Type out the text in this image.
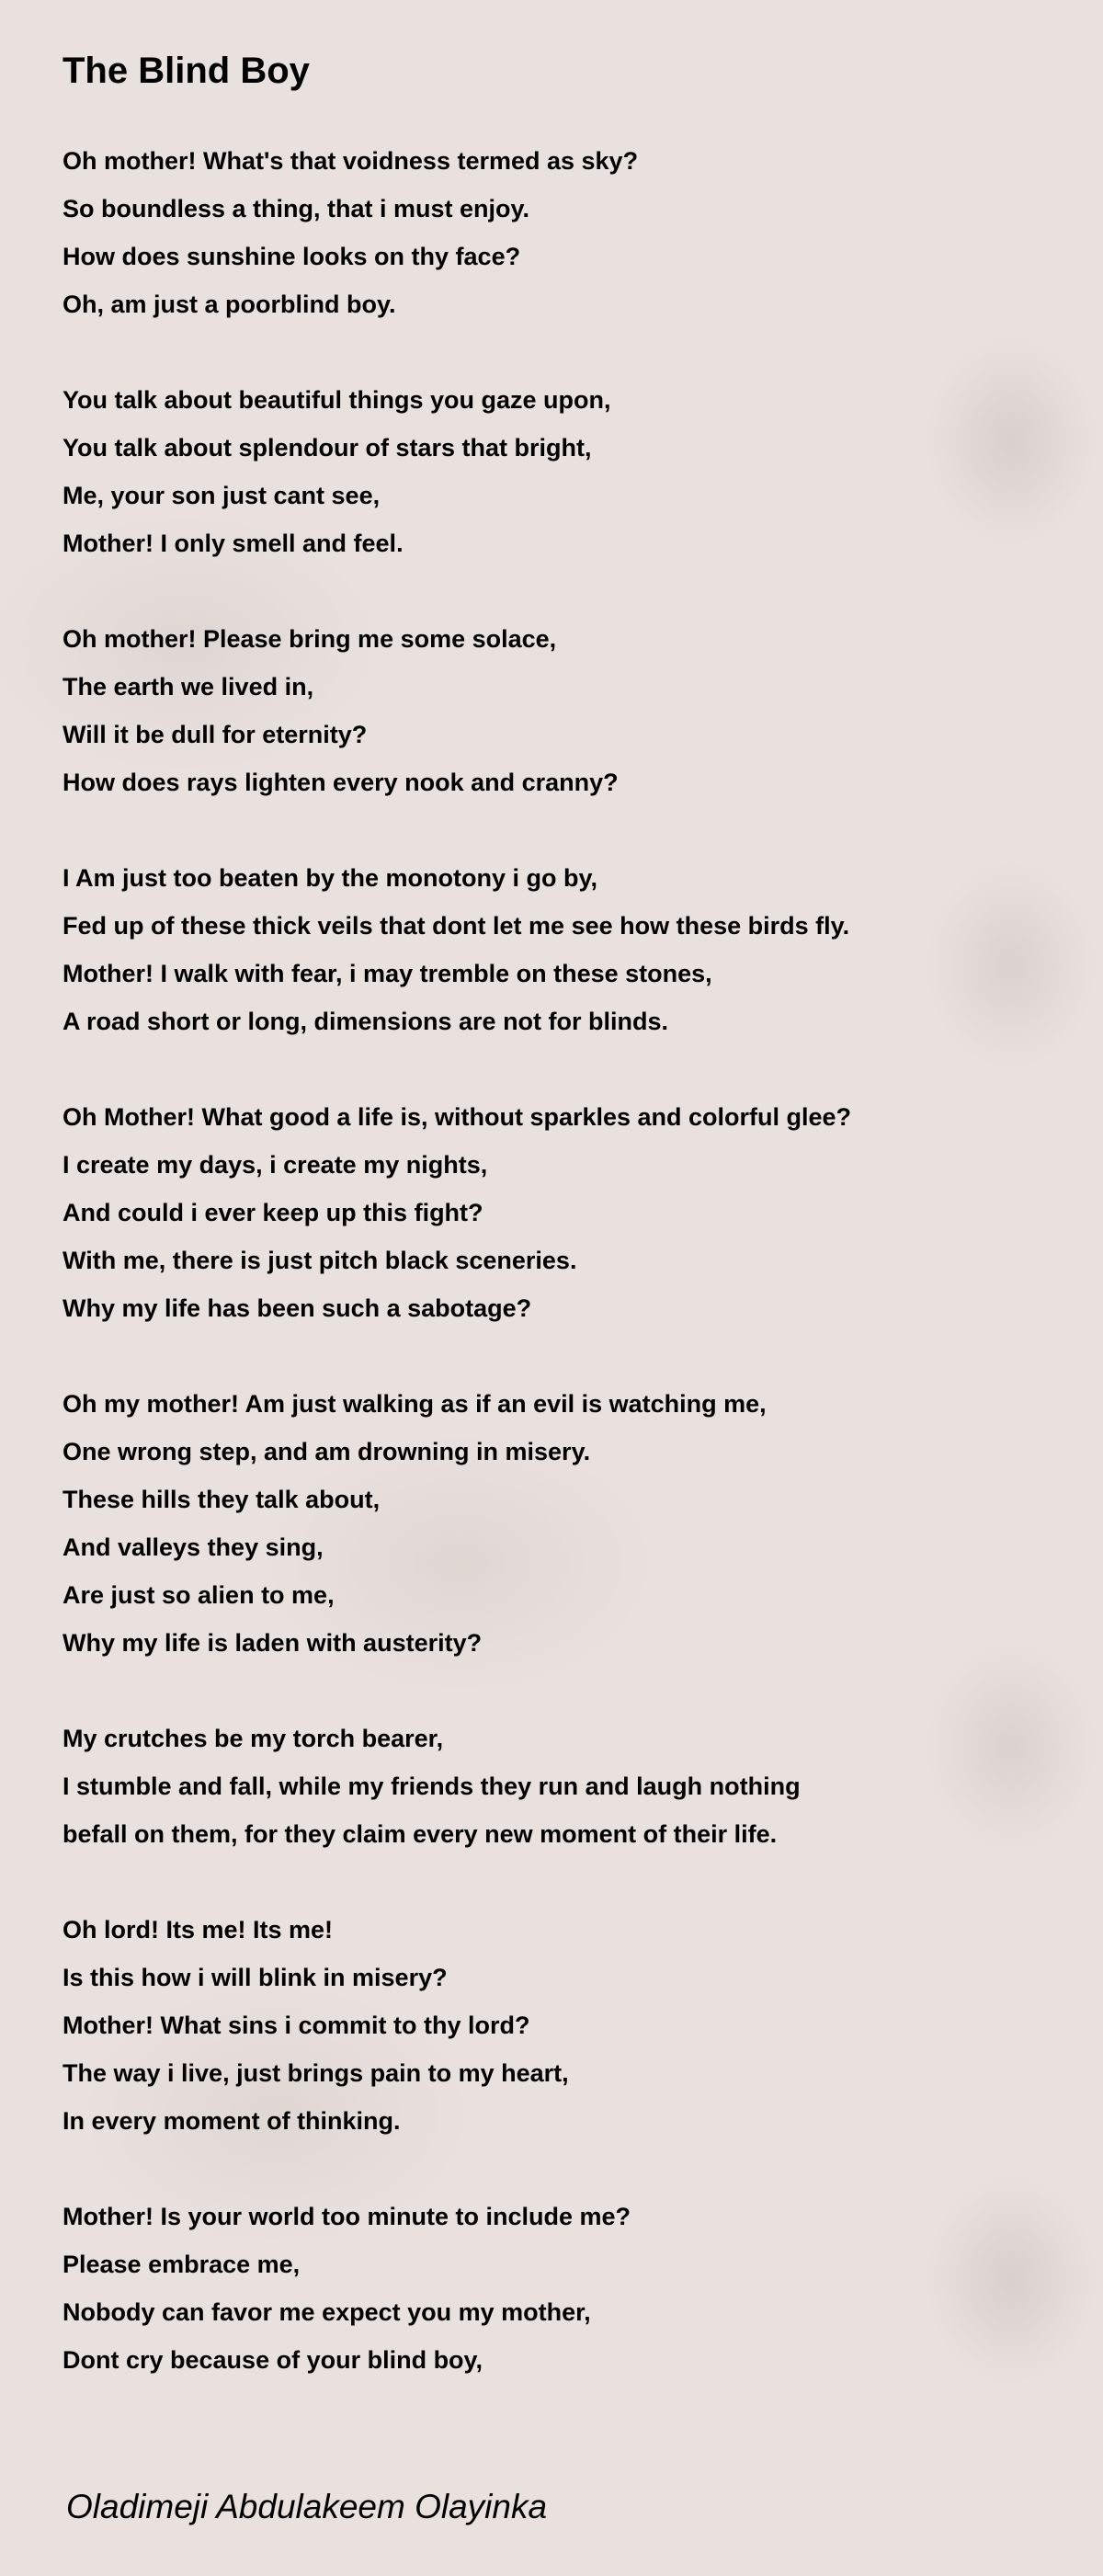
The Blind Boy

Oh mother! What's that voidness termed as sky?
So boundless a thing, that i must enjoy.
How does sunshine looks on thy face?
Oh, am just a poorblind boy.

You talk about beautiful things you gaze upon,
You talk about splendour of stars that bright,
Me, your son just cant see,
Mother! I only smell and feel.

Oh mother! Please bring me some solace,
The earth we lived in,
Will it be dull for eternity?
How does rays lighten every nook and cranny?

I Am just too beaten by the monotony i go by,
Fed up of these thick veils that dont let me see how these birds fly.
Mother! I walk with fear, i may tremble on these stones,
A road short or long, dimensions are not for blinds.

Oh Mother! What good a life is, without sparkles and colorful glee?
I create my days, i create my nights,
And could i ever keep up this fight?
With me, there is just pitch black sceneries.
Why my life has been such a sabotage?

Oh my mother! Am just walking as if an evil is watching me,
One wrong step, and am drowning in misery.
These hills they talk about,
And valleys they sing,
Are just so alien to me,
Why my life is laden with austerity?

My crutches be my torch bearer,
I stumble and fall, while my friends they run and laugh nothing
befall on them, for they claim every new moment of their life.

Oh lord! Its me! Its me!
Is this how i will blink in misery?
Mother! What sins i commit to thy lord?
The way i live, just brings pain to my heart,
In every moment of thinking.

Mother! Is your world too minute to include me?
Please embrace me,
Nobody can favor me expect you my mother,
Dont cry because of your blind boy,

Oladimeji Abdulakeem Olayinka
